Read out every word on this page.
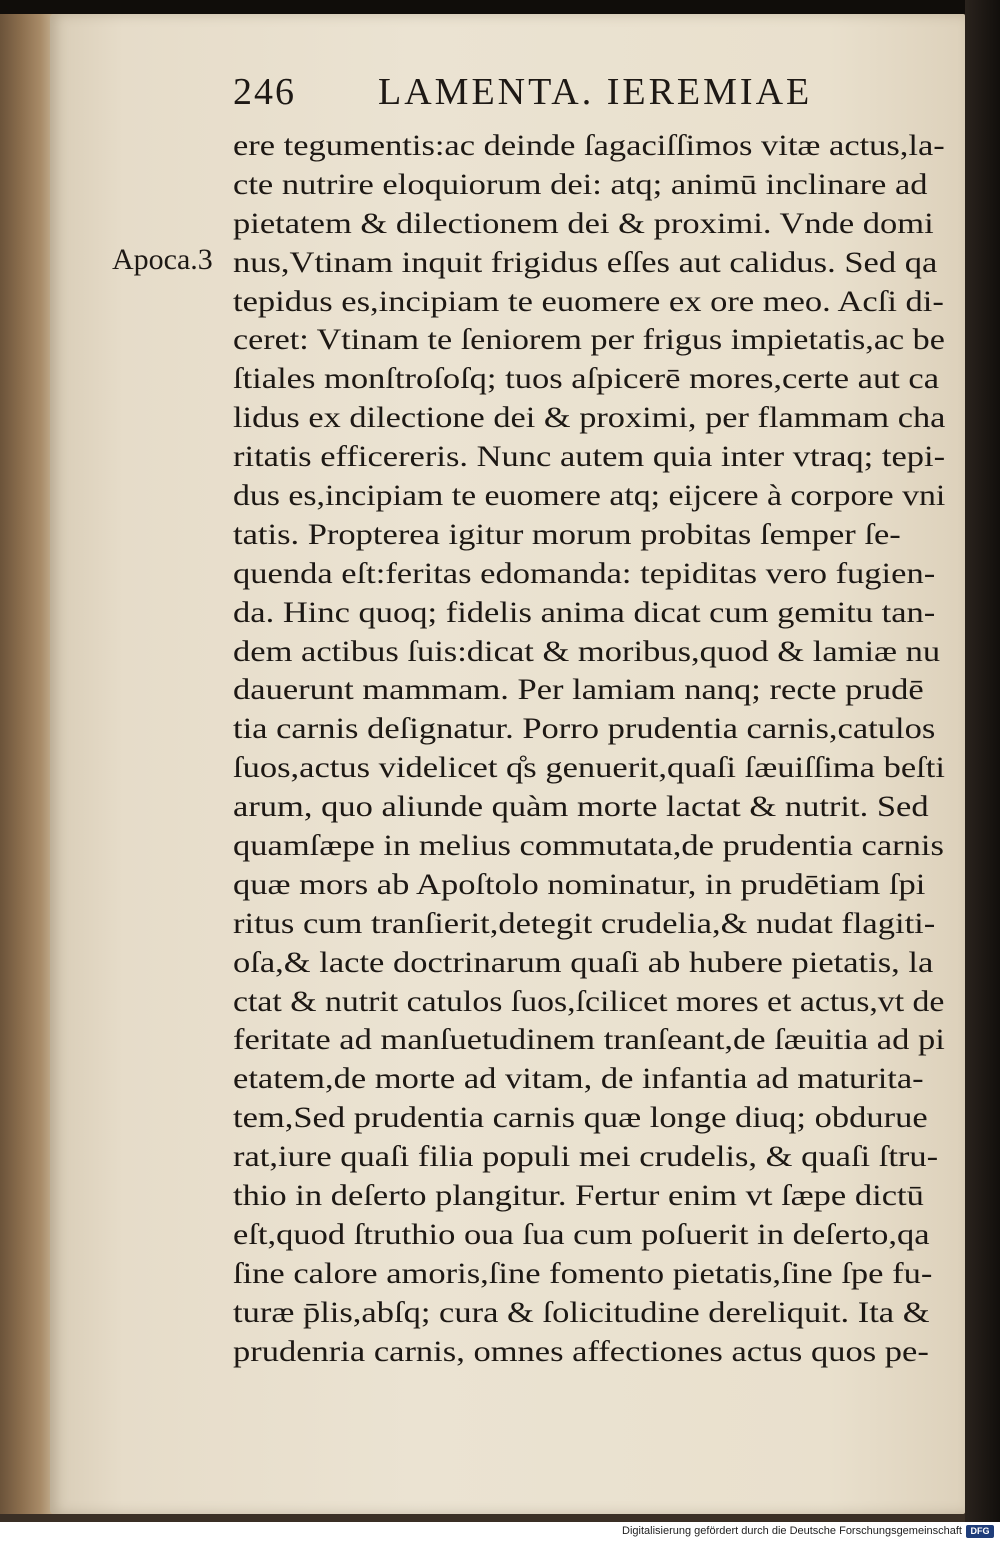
246 LAMENTA. IEREMIAE
Apoca.3
ere tegumentis:ac deinde ſagaciſſimos vitæ actus,la-
cte nutrire eloquiorum dei: atq; animū inclinare ad
pietatem & dilectionem dei & proximi. Vnde domi
nus,Vtinam inquit frigidus eſſes aut calidus. Sed qa
tepidus es,incipiam te euomere ex ore meo. Acſi di-
ceret: Vtinam te ſeniorem per frigus impietatis,ac be
ſtiales monſtroſoſq; tuos aſpicerē mores,certe aut ca
lidus ex dilectione dei & proximi, per flammam cha
ritatis efficereris. Nunc autem quia inter vtraq; tepi-
dus es,incipiam te euomere atq; eijcere à corpore vni
tatis. Propterea igitur morum probitas ſemper ſe-
quenda eſt:feritas edomanda: tepiditas vero fugien-
da. Hinc quoq; fidelis anima dicat cum gemitu tan-
dem actibus ſuis:dicat & moribus,quod & lamiæ nu
dauerunt mammam. Per lamiam nanq; recte prudē
tia carnis deſignatur. Porro prudentia carnis,catulos
ſuos,actus videlicet q̊s genuerit,quaſi ſæuiſſima beſti
arum, quo aliunde quàm morte lactat & nutrit. Sed
quamſæpe in melius commutata,de prudentia carnis
quæ mors ab Apoſtolo nominatur, in prudētiam ſpi
ritus cum tranſierit,detegit crudelia,& nudat flagiti-
oſa,& lacte doctrinarum quaſi ab hubere pietatis, la
ctat & nutrit catulos ſuos,ſcilicet mores et actus,vt de
feritate ad manſuetudinem tranſeant,de ſæuitia ad pi
etatem,de morte ad vitam, de infantia ad maturita-
tem,Sed prudentia carnis quæ longe diuq; obdurue
rat,iure quaſi filia populi mei crudelis, & quaſi ſtru-
thio in deſerto plangitur. Fertur enim vt ſæpe dictū
eſt,quod ſtruthio oua ſua cum poſuerit in deſerto,qa
ſine calore amoris,ſine fomento pietatis,ſine ſpe fu-
turæ p̄lis,abſq; cura & ſolicitudine dereliquit. Ita &
prudenria carnis, omnes affectiones actus quos pe-
Digitalisierung gefördert durch die Deutsche Forschungsgemeinschaft DFG
